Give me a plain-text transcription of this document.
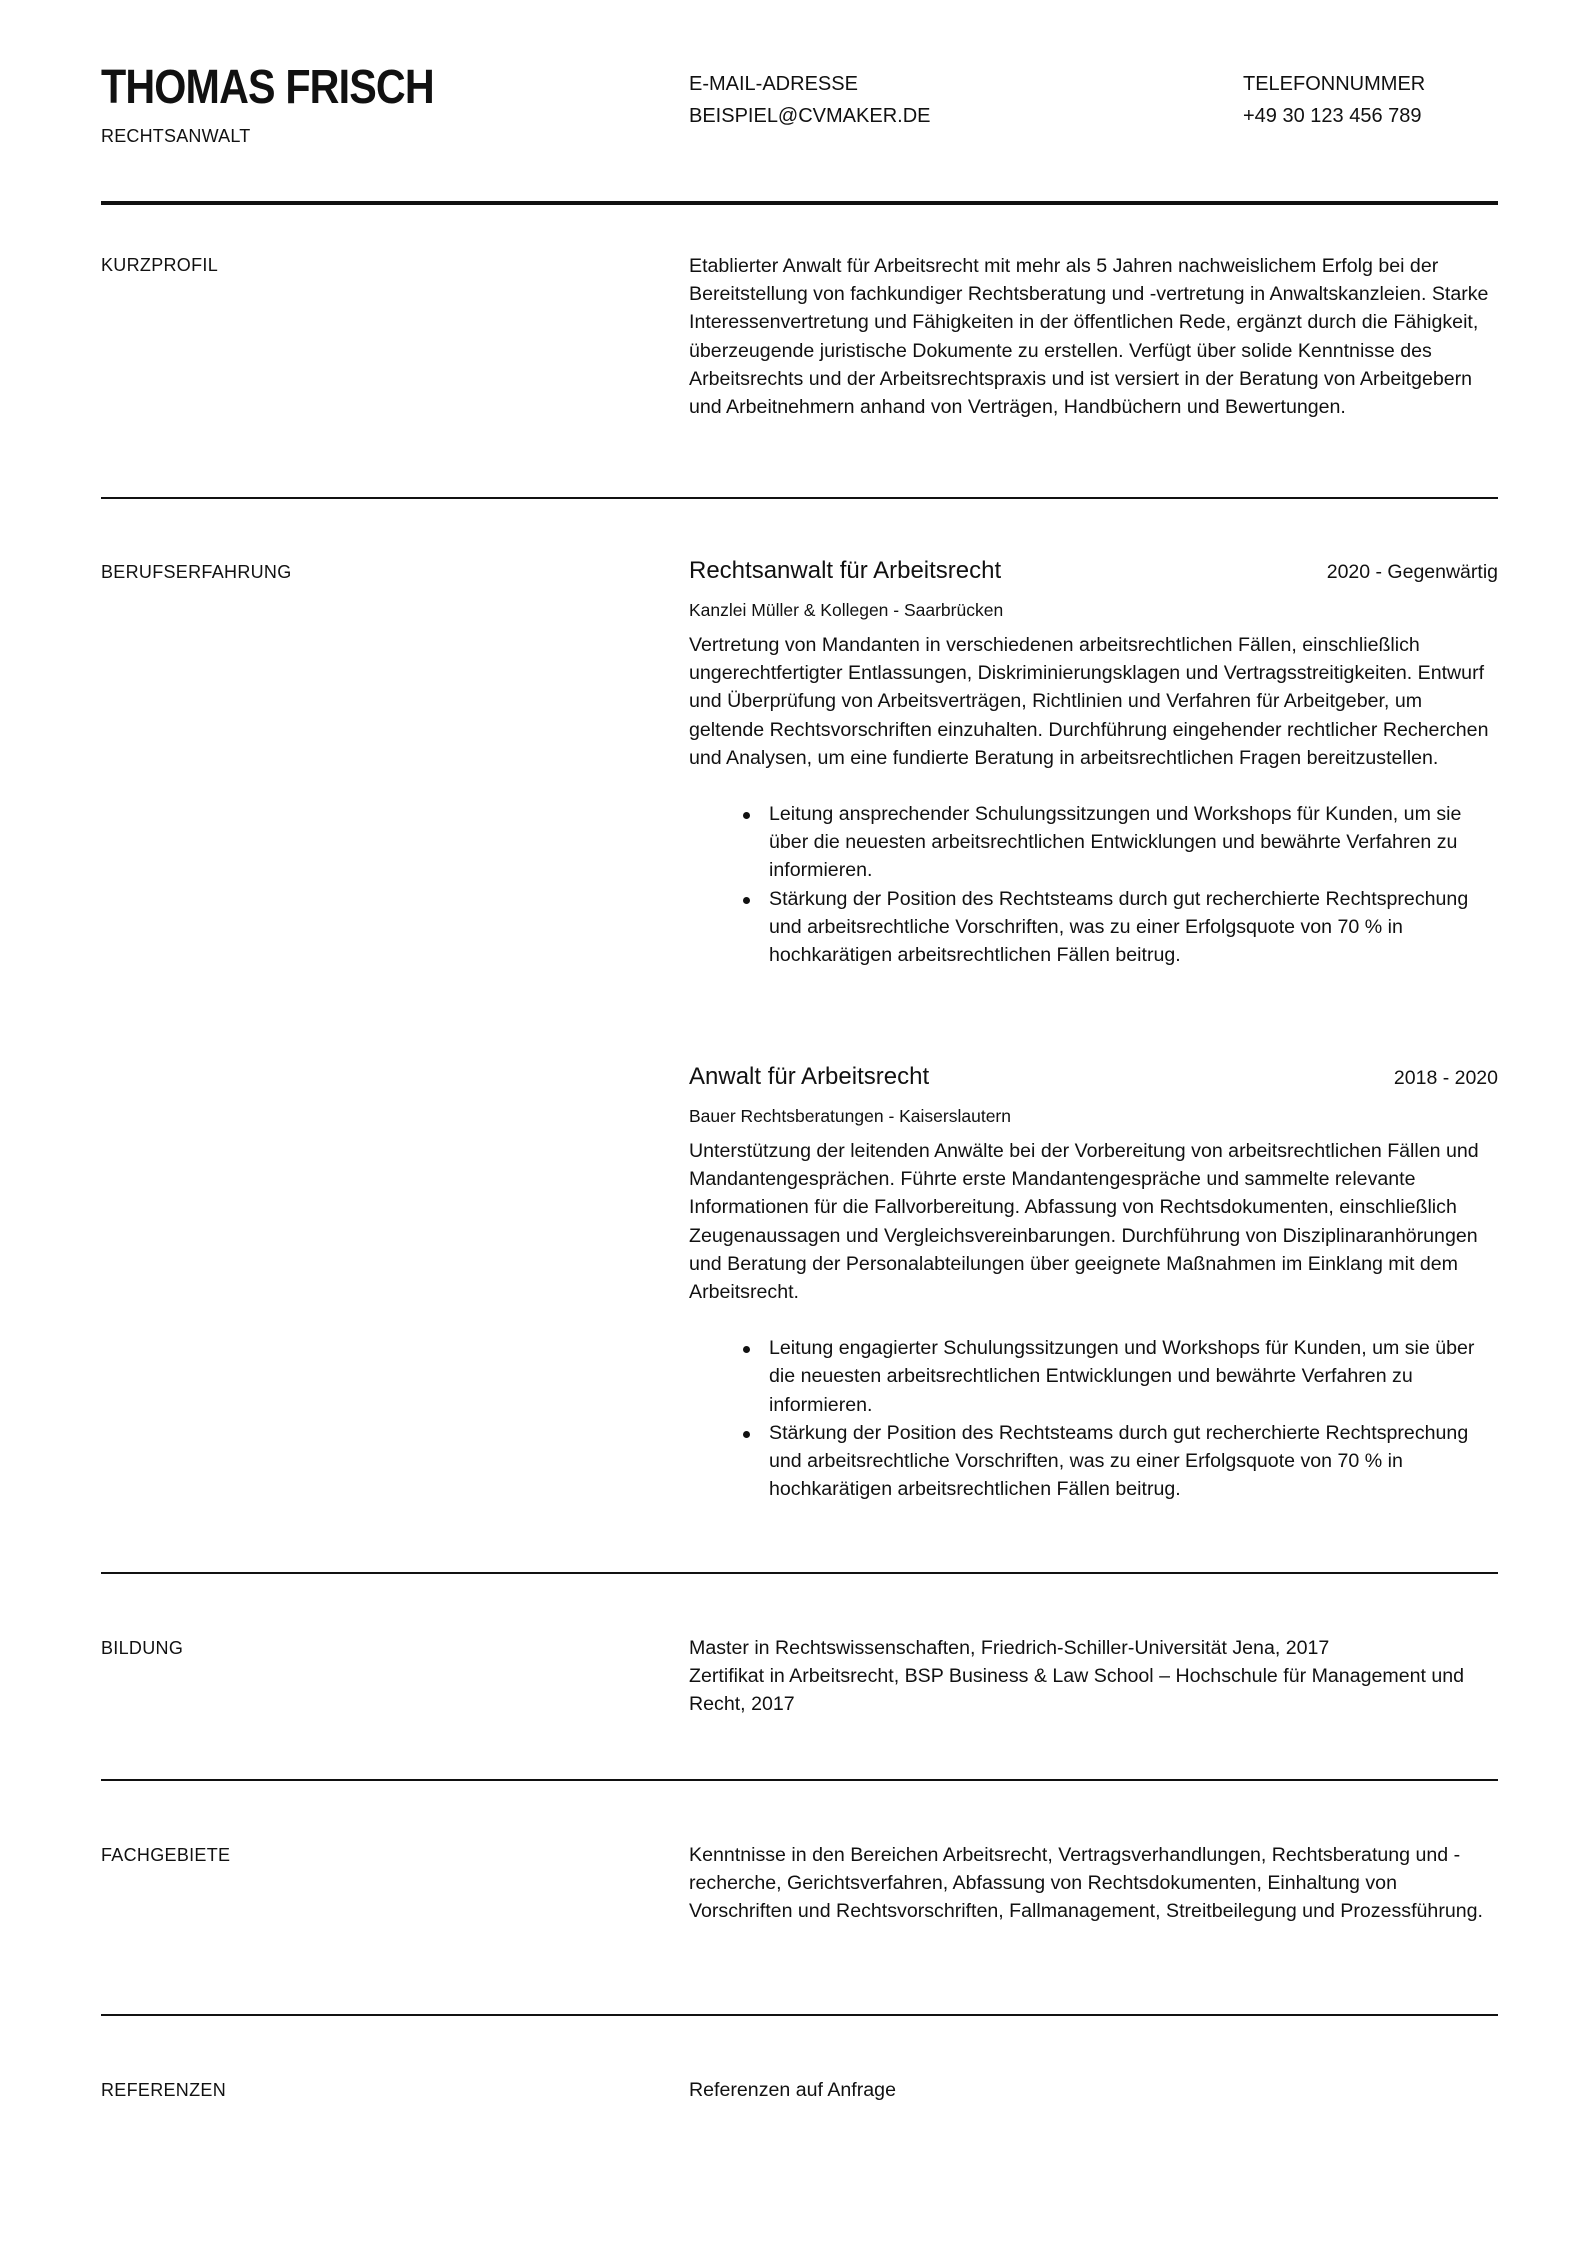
THOMAS FRISCH
RECHTSANWALT
E-MAIL-ADRESSE
BEISPIEL@CVMAKER.DE
TELEFONNUMMER
+49 30 123 456 789
KURZPROFIL	Etablierter Anwalt für Arbeitsrecht mit mehr als 5 Jahren nachweislichem Erfolg bei der Bereitstellung von fachkundiger Rechtsberatung und -vertretung in Anwaltskanzleien. Starke Interessenvertretung und Fähigkeiten in der öffentlichen Rede, ergänzt durch die Fähigkeit, überzeugende juristische Dokumente zu erstellen. Verfügt über solide Kenntnisse des Arbeitsrechts und der Arbeitsrechtspraxis und ist versiert in der Beratung von Arbeitgebern und Arbeitnehmern anhand von Verträgen, Handbüchern und Bewertungen.
BERUFSERFAHRUNG	Rechtsanwalt für Arbeitsrecht	2020 - Gegenwärtig
Kanzlei Müller & Kollegen - Saarbrücken
Vertretung von Mandanten in verschiedenen arbeitsrechtlichen Fällen, einschließlich ungerechtfertigter Entlassungen, Diskriminierungsklagen und Vertragsstreitigkeiten. Entwurf und Überprüfung von Arbeitsverträgen, Richtlinien und Verfahren für Arbeitgeber, um geltende Rechtsvorschriften einzuhalten. Durchführung eingehender rechtlicher Recherchen und Analysen, um eine fundierte Beratung in arbeitsrechtlichen Fragen bereitzustellen.
Leitung ansprechender Schulungssitzungen und Workshops für Kunden, um sie über die neuesten arbeitsrechtlichen Entwicklungen und bewährte Verfahren zu informieren.
Stärkung der Position des Rechtsteams durch gut recherchierte Rechtsprechung und arbeitsrechtliche Vorschriften, was zu einer Erfolgsquote von 70 % in hochkarätigen arbeitsrechtlichen Fällen beitrug.
Anwalt für Arbeitsrecht	2018 - 2020
Bauer Rechtsberatungen - Kaiserslautern
Unterstützung der leitenden Anwälte bei der Vorbereitung von arbeitsrechtlichen Fällen und Mandantengesprächen. Führte erste Mandantengespräche und sammelte relevante Informationen für die Fallvorbereitung. Abfassung von Rechtsdokumenten, einschließlich Zeugenaussagen und Vergleichsvereinbarungen. Durchführung von Disziplinaranhörungen und Beratung der Personalabteilungen über geeignete Maßnahmen im Einklang mit dem Arbeitsrecht.
Leitung engagierter Schulungssitzungen und Workshops für Kunden, um sie über die neuesten arbeitsrechtlichen Entwicklungen und bewährte Verfahren zu informieren.
Stärkung der Position des Rechtsteams durch gut recherchierte Rechtsprechung und arbeitsrechtliche Vorschriften, was zu einer Erfolgsquote von 70 % in hochkarätigen arbeitsrechtlichen Fällen beitrug.
BILDUNG	Master in Rechtswissenschaften, Friedrich-Schiller-Universität Jena, 2017

Zertifikat in Arbeitsrecht, BSP Business & Law School – Hochschule für Management und Recht, 2017

FACHGEBIETE	Kenntnisse in den Bereichen Arbeitsrecht, Vertragsverhandlungen, Rechtsberatung und -recherche, Gerichtsverfahren, Abfassung von Rechtsdokumenten, Einhaltung von Vorschriften und Rechtsvorschriften, Fallmanagement, Streitbeilegung und Prozessführung.
REFERENZEN	Referenzen auf Anfrage
